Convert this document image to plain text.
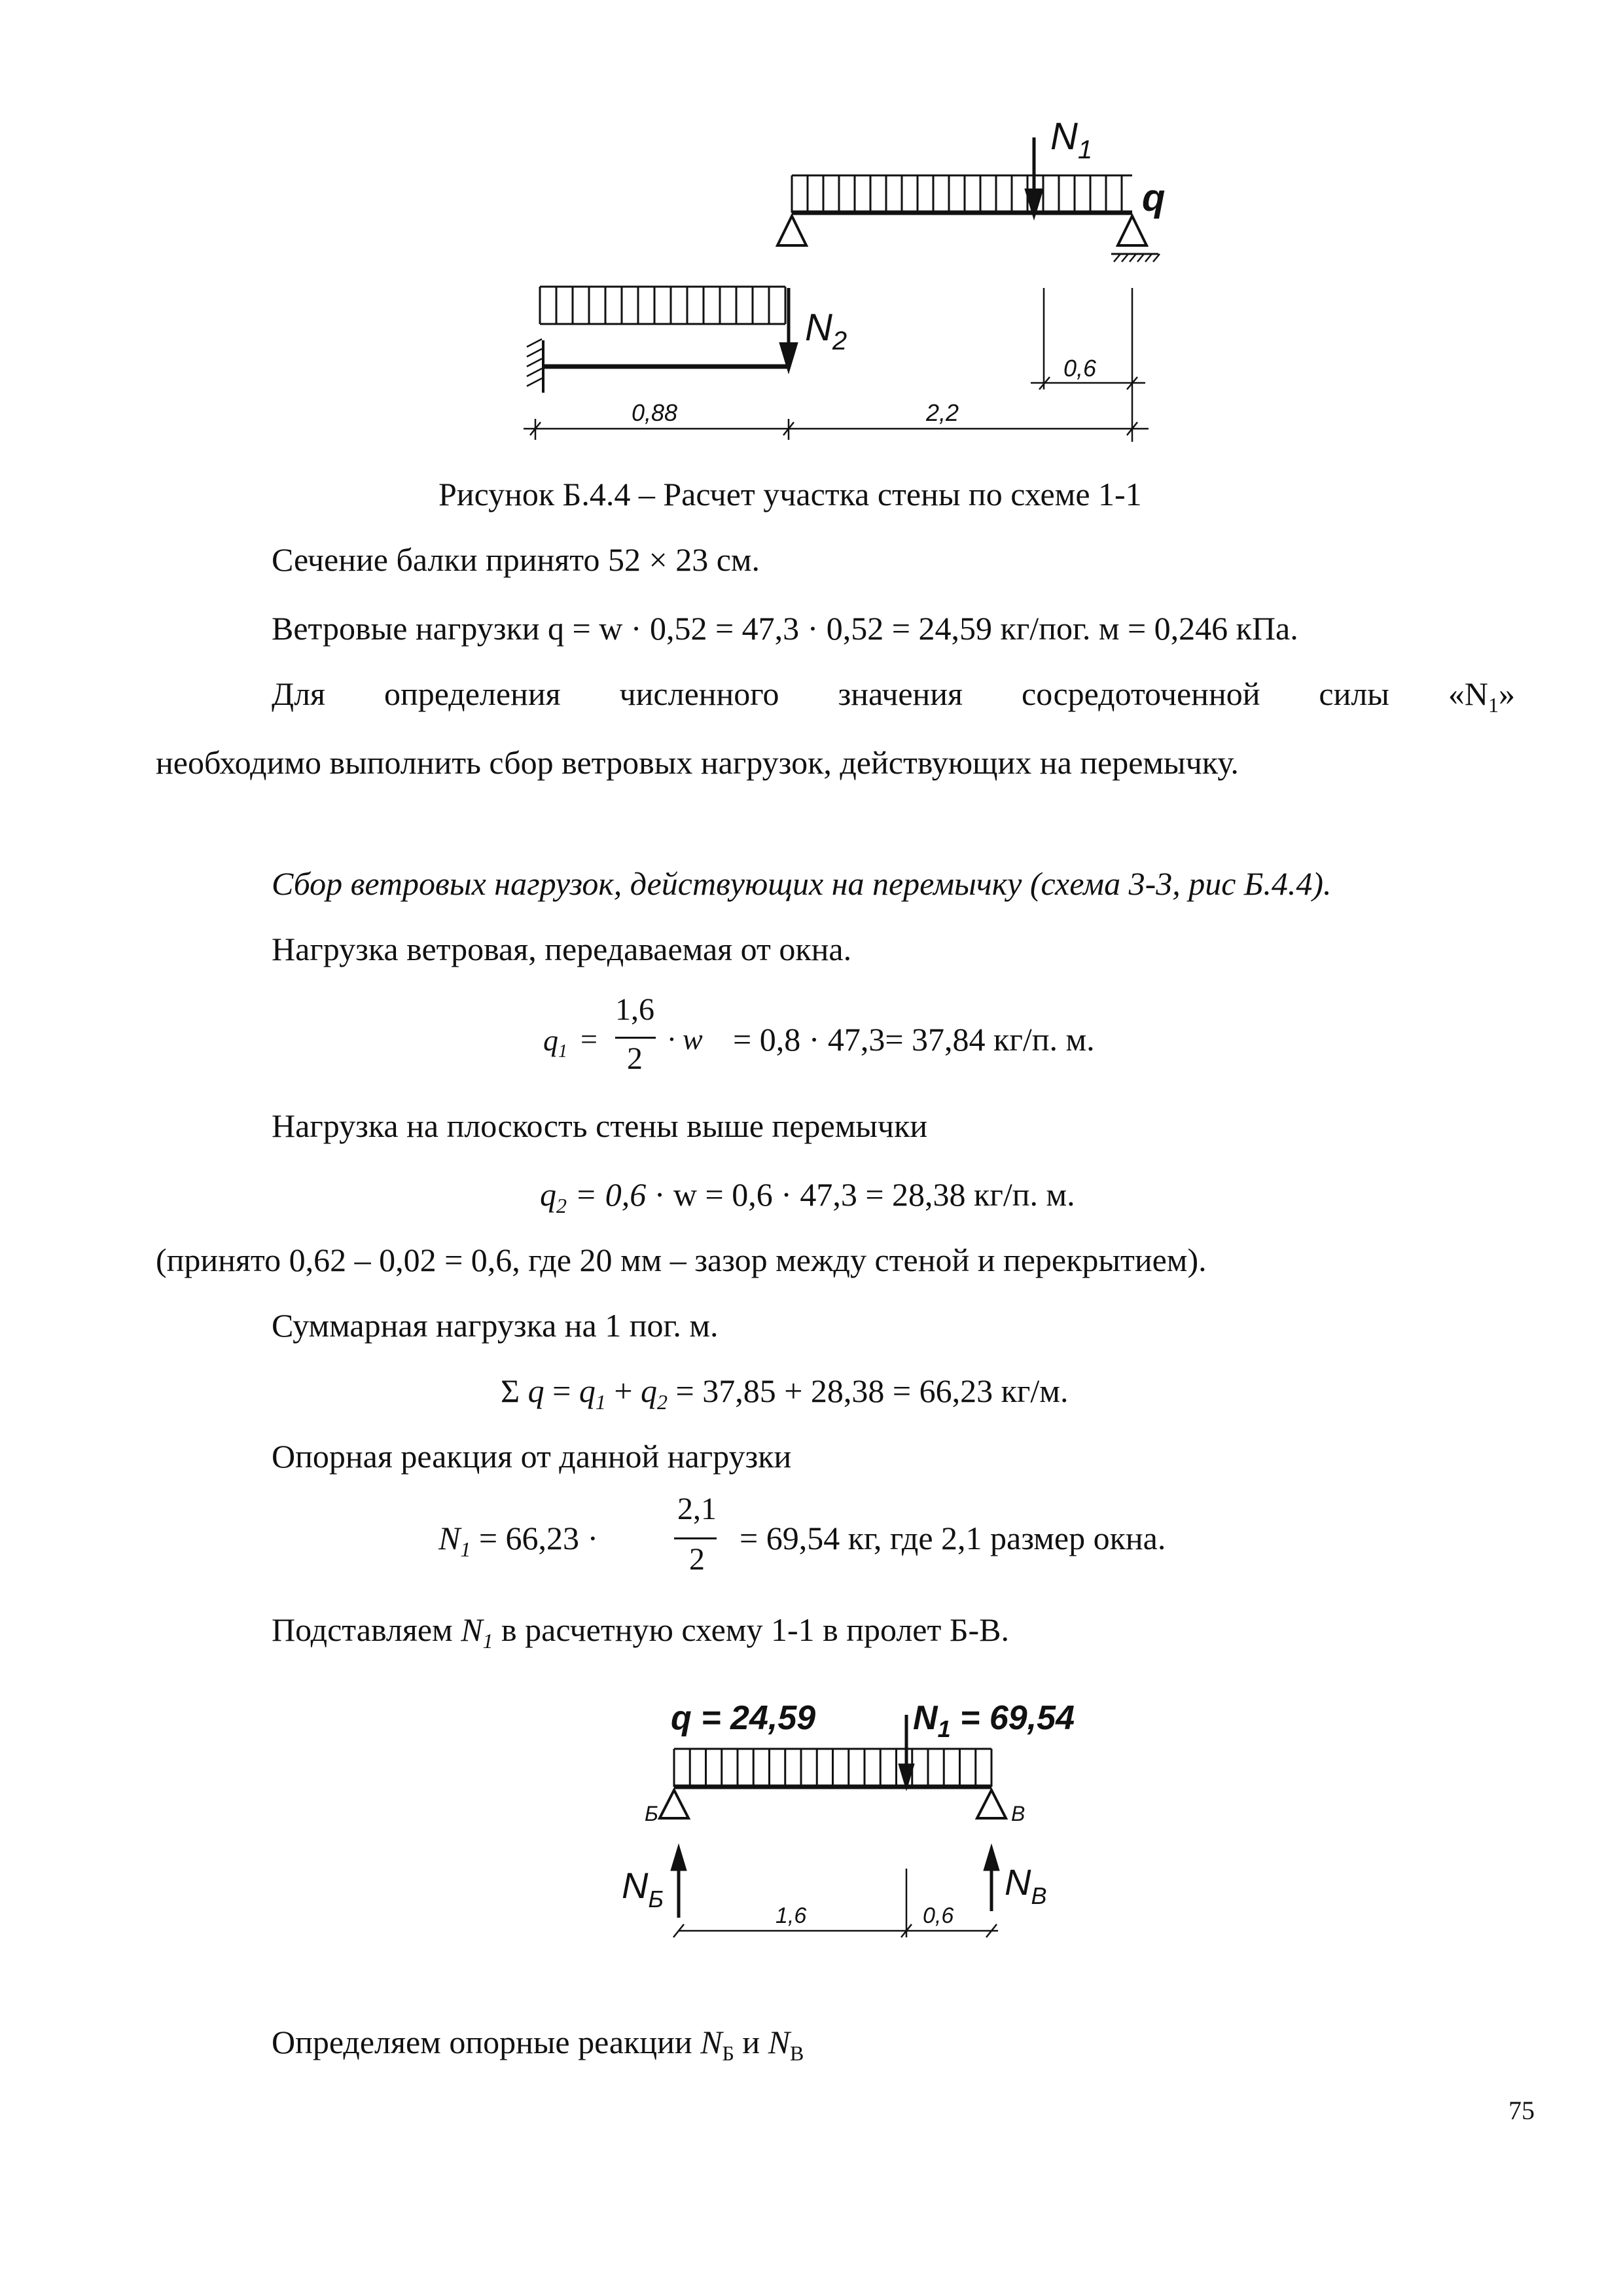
$N_1$
q
$N_2$
0,6
0,88	2,2
Рисунок Б.4.4 – Расчет участка стены по схеме 1-1
Сечение балки принято 52 × 23 см.
Ветровые нагрузки q = w · 0,52 = 47,3 · 0,52 = 24,59 кг/пог. м = 0,246 кПа.
Для определения численного значения сосредоточенной силы «$N_1$»
необходимо выполнить сбор ветровых нагрузок, действующих на перемычку.
Сбор ветровых нагрузок, действующих на перемычку (схема 3-3, рис Б.4.4).
Нагрузка ветровая, передаваемая от окна.
$q_1$ =
1,6
2
· w = 0,8 · 47,3= 37,84 кг/п. м.
Нагрузка на плоскость стены выше перемычки
$q_2 = 0,6 \cdot w = 0,6 \cdot 47,3 = 28,38$ кг/п. м.
(принято 0,62 – 0,02 = 0,6, где 20 мм – зазор между стеной и перекрытием).
Суммарная нагрузка на 1 пог. м.
Σ $q = q_1 + q_2 = 37,85 + 28,38 = 66,23$ кг/м.
Опорная реакция от данной нагрузки
$N_1 = 66,23$ ·
2,1
2
= 69,54 кг, где 2,1 размер окна.
Подставляем $N_1$ в расчетную схему 1-1 в пролет Б-В.
q = 24,59	$N_1 = 69,54$
Б	В
$N_Б$	$N_В$
1,6	0,6
Определяем опорные реакции $N_Б$ и $N_В$
75
